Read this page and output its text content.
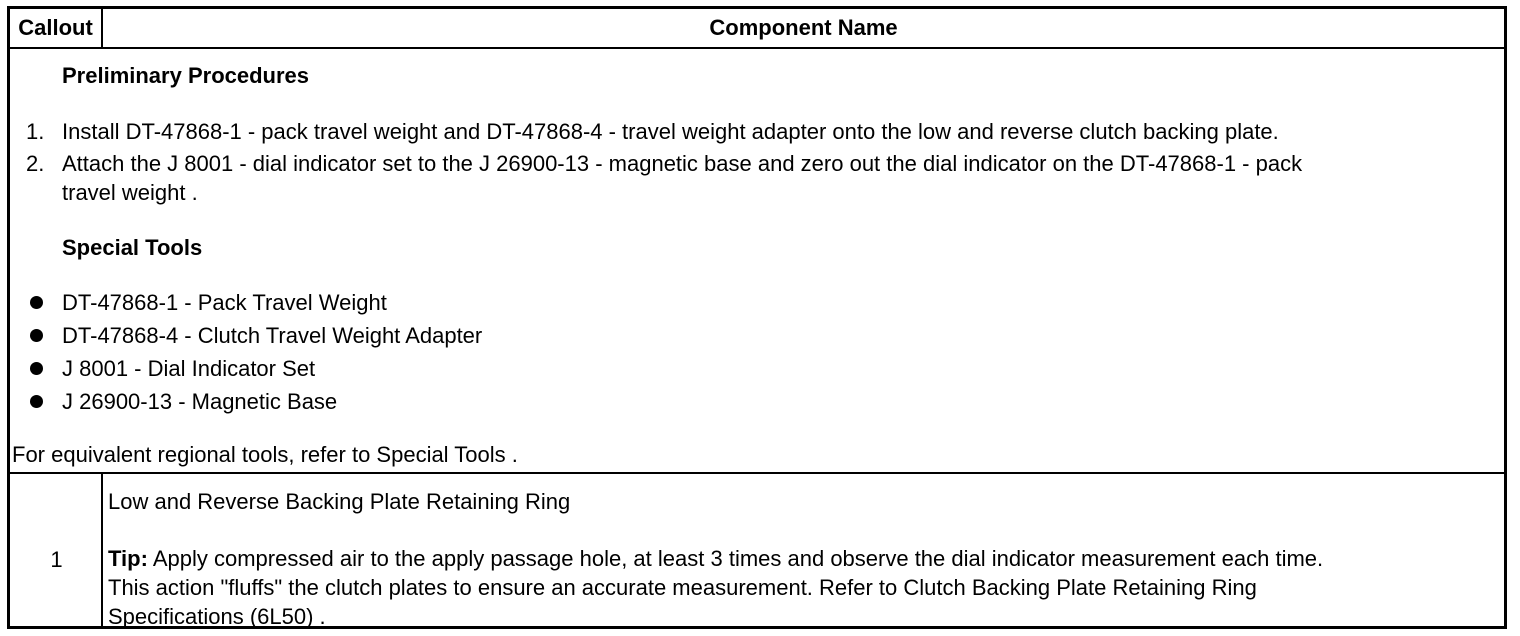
Callout	Component Name
Preliminary Procedures
1. Install DT-47868-1 - pack travel weight and DT-47868-4 - travel weight adapter onto the low and reverse clutch backing plate.
2. Attach the J 8001 - dial indicator set to the J 26900-13 - magnetic base and zero out the dial indicator on the DT-47868-1 - pack
travel weight .
Special Tools
DT-47868-1 - Pack Travel Weight
DT-47868-4 - Clutch Travel Weight Adapter
J 8001 - Dial Indicator Set
J 26900-13 - Magnetic Base
For equivalent regional tools, refer to Special Tools .
1
Low and Reverse Backing Plate Retaining Ring
Tip: Apply compressed air to the apply passage hole, at least 3 times and observe the dial indicator measurement each time.
This action "fluffs" the clutch plates to ensure an accurate measurement. Refer to Clutch Backing Plate Retaining Ring
Specifications (6L50) .
